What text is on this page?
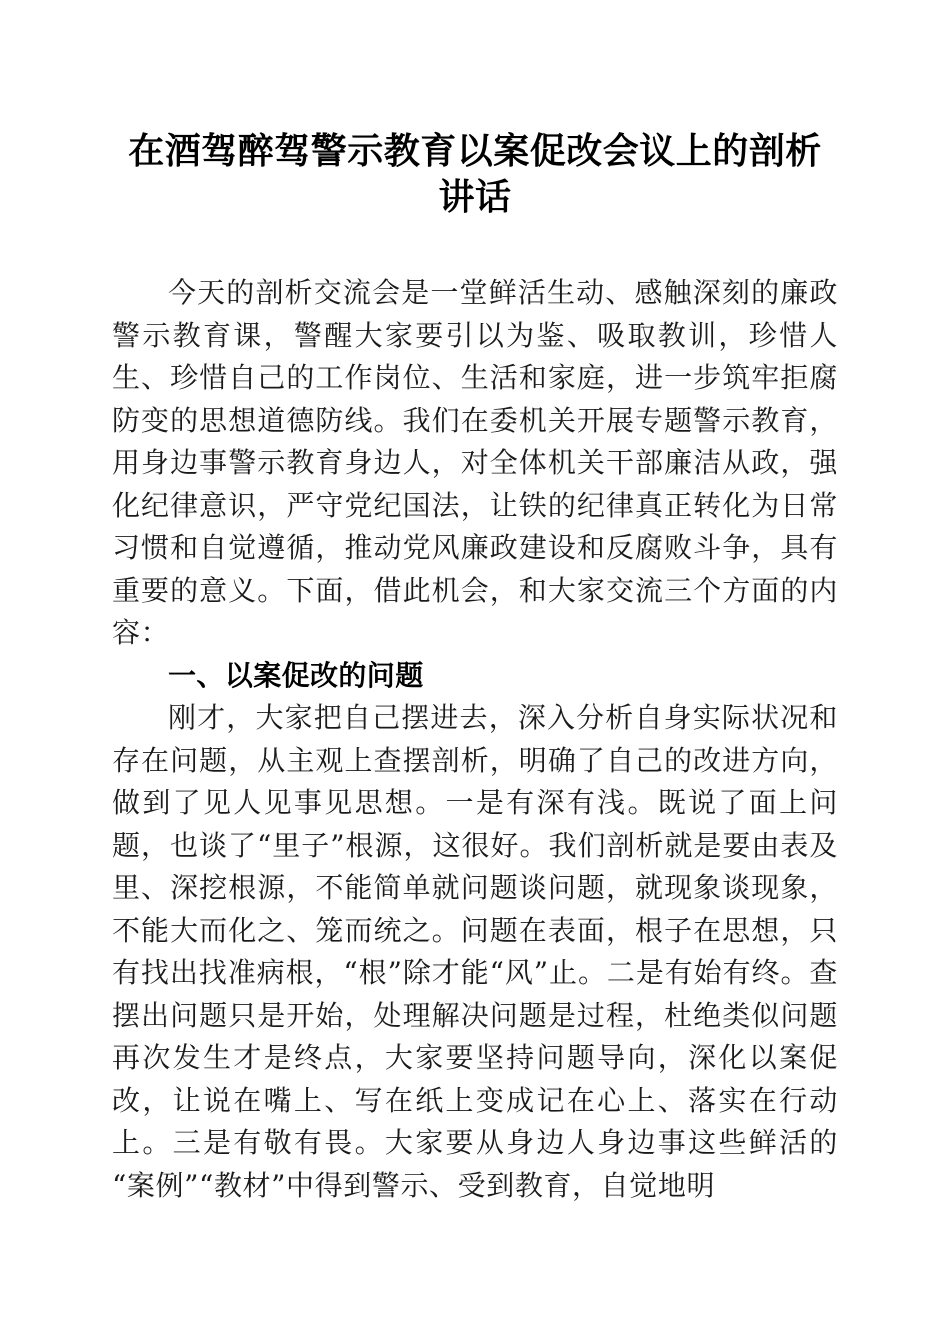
在酒驾醉驾警示教育以案促改会议上的剖析讲话

今天的剖析交流会是一堂鲜活生动、感触深刻的廉政警示教育课，警醒大家要引以为鉴、吸取教训，珍惜人生、珍惜自己的工作岗位、生活和家庭，进一步筑牢拒腐防变的思想道德防线。我们在委机关开展专题警示教育，用身边事警示教育身边人，对全体机关干部廉洁从政，强化纪律意识，严守党纪国法，让铁的纪律真正转化为日常习惯和自觉遵循，推动党风廉政建设和反腐败斗争，具有重要的意义。下面，借此机会，和大家交流三个方面的内容：

一、以案促改的问题

刚才，大家把自己摆进去，深入分析自身实际状况和存在问题，从主观上查摆剖析，明确了自己的改进方向，做到了见人见事见思想。一是有深有浅。既说了面上问题，也谈了“里子”根源，这很好。我们剖析就是要由表及里、深挖根源，不能简单就问题谈问题，就现象谈现象，不能大而化之、笼而统之。问题在表面，根子在思想，只有找出找准病根，“根”除才能“风”止。二是有始有终。查摆出问题只是开始，处理解决问题是过程，杜绝类似问题再次发生才是终点，大家要坚持问题导向，深化以案促改，让说在嘴上、写在纸上变成记在心上、落实在行动上。三是有敬有畏。大家要从身边人身边事这些鲜活的“案例”“教材”中得到警示、受到教育，自觉地明
